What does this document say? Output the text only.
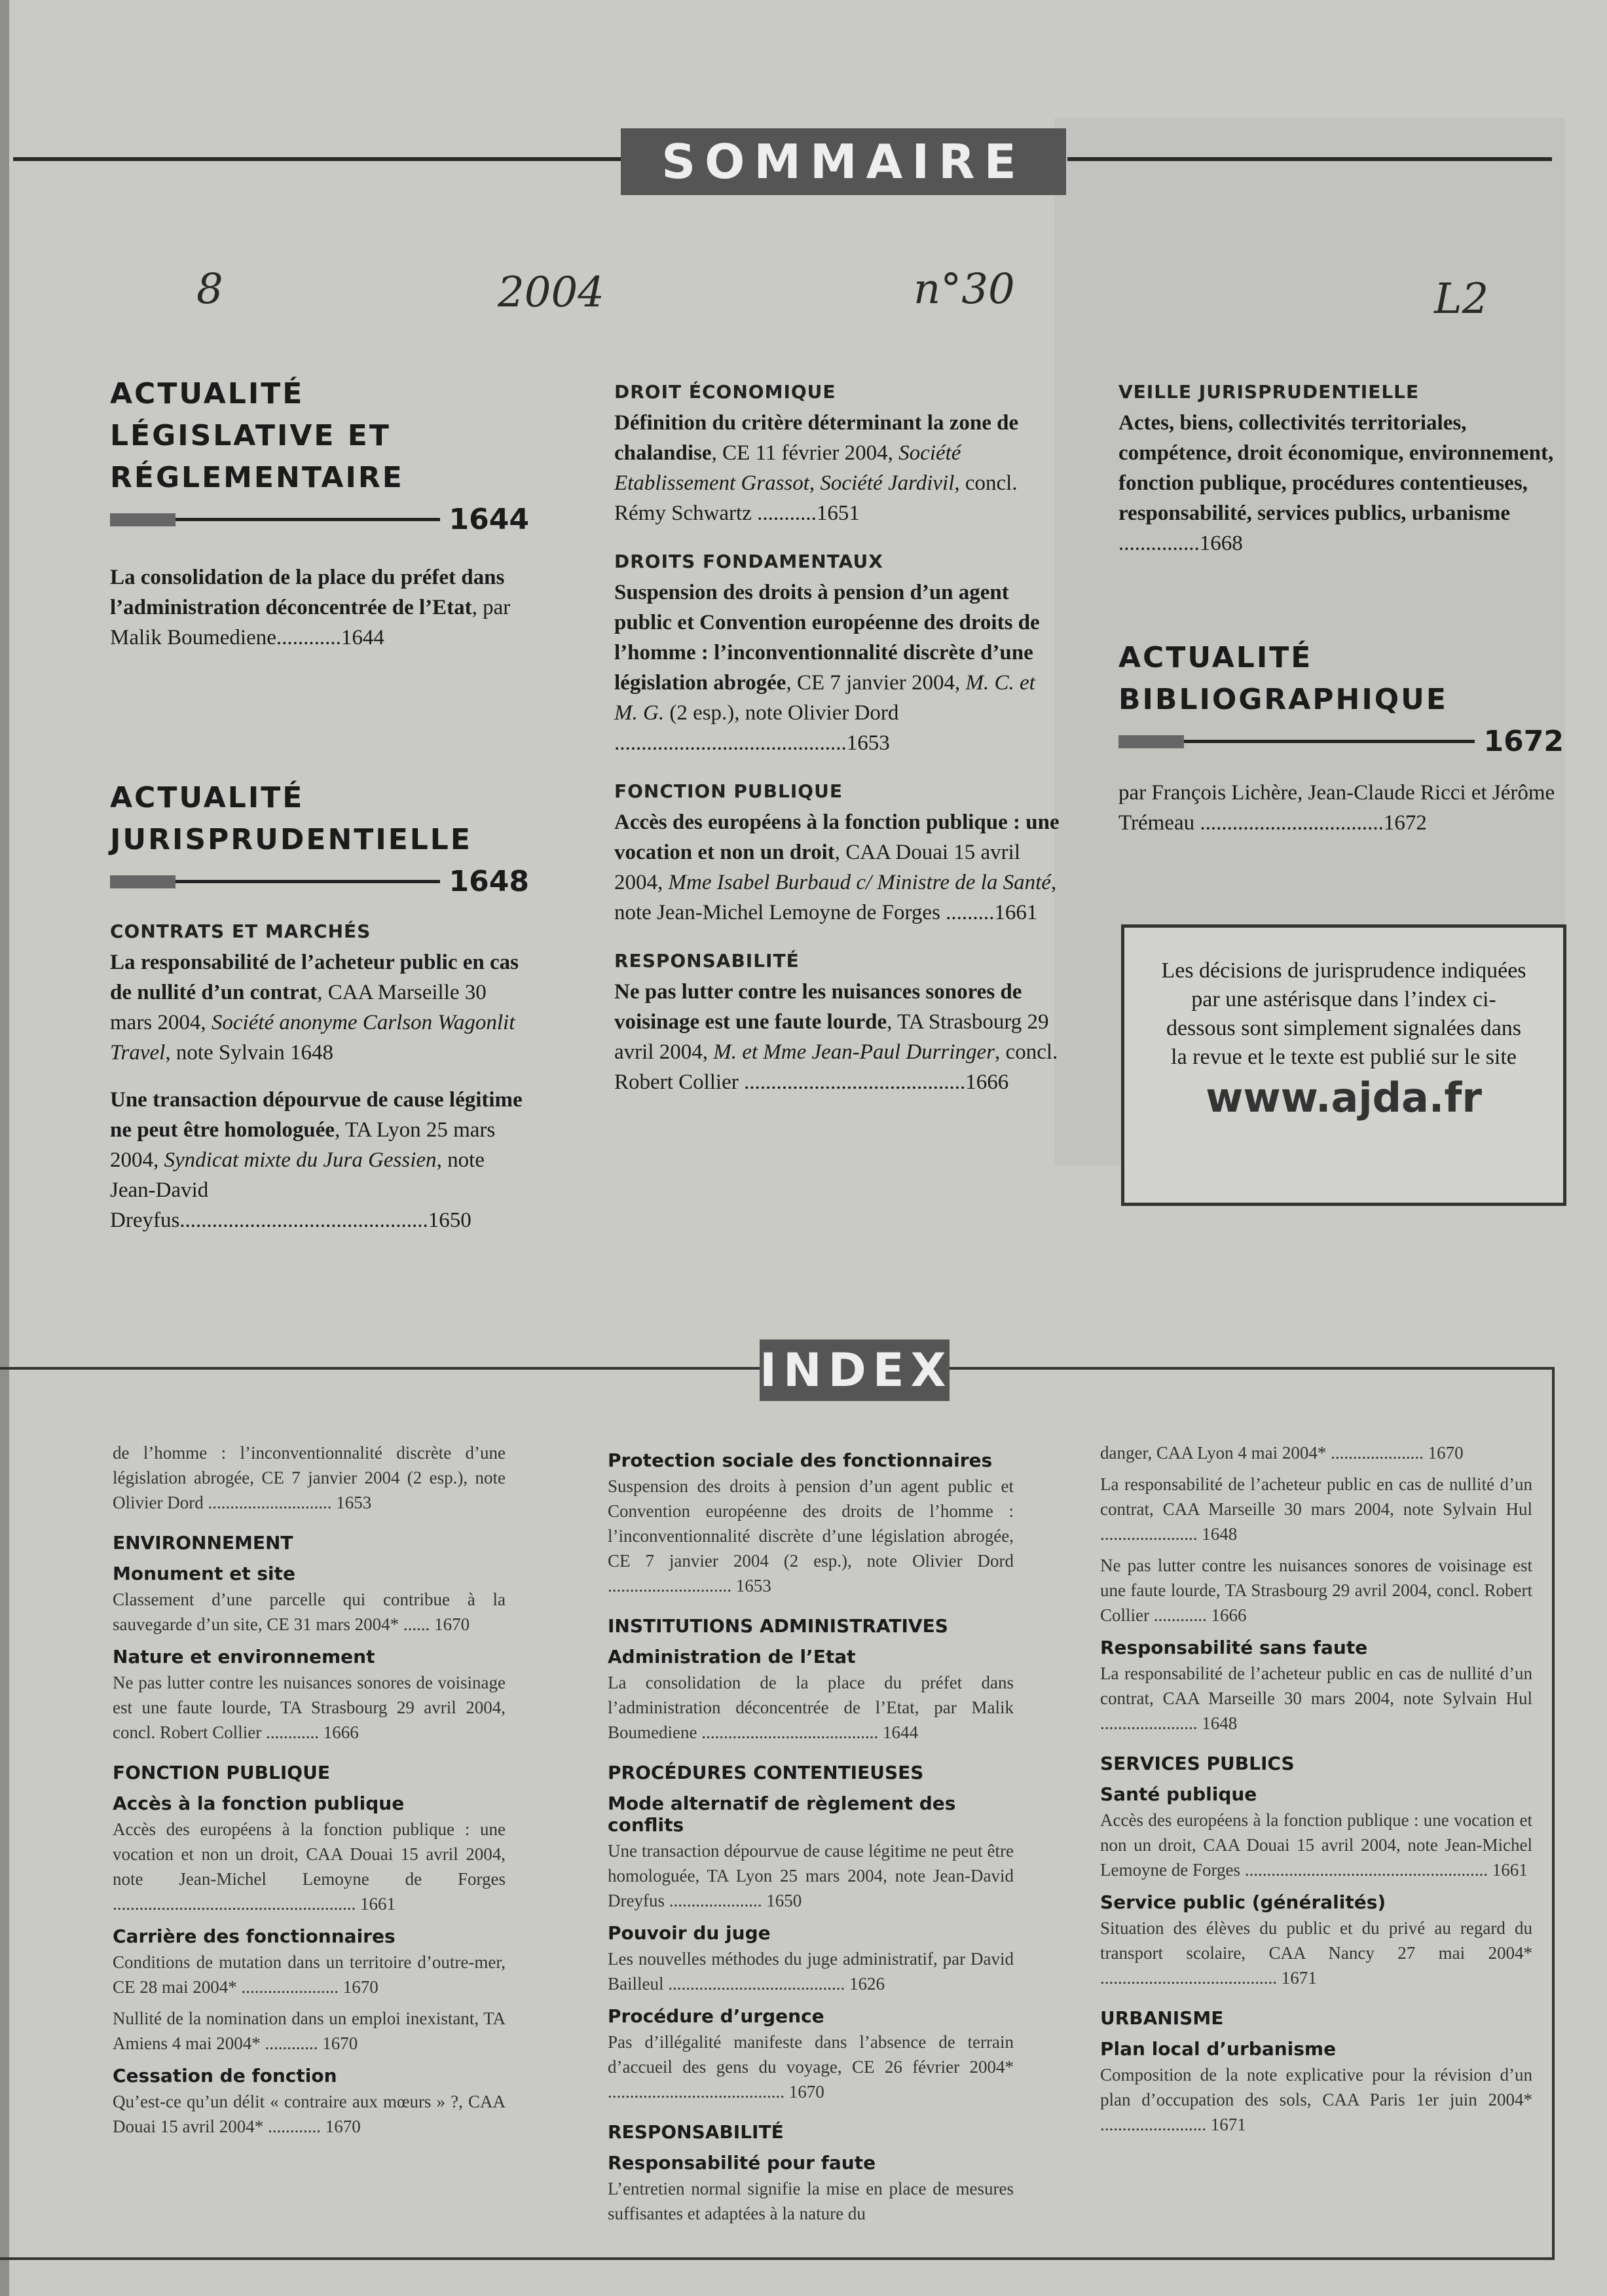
SOMMAIRE
8	2004	n°30	L2
ACTUALITÉ LÉGISLATIVE ET RÉGLEMENTAIRE
1644

La consolidation de la place du préfet dans l’administration déconcentrée de l’Etat, par Malik Boumediene............1644

ACTUALITÉ JURISPRUDENTIELLE
1648
CONTRATS ET MARCHÉS

La responsabilité de l’acheteur public en cas de nullité d’un contrat, CAA Marseille 30 mars 2004, Société anonyme Carlson Wagonlit Travel, note Sylvain 1648

Une transaction dépourvue de cause légitime ne peut être homologuée, TA Lyon 25 mars 2004, Syndicat mixte du Jura Gessien, note Jean-David Dreyfus..............................................1650

DROIT ÉCONOMIQUE

Définition du critère déterminant la zone de chalandise, CE 11 février 2004, Société Etablissement Grassot, Société Jardivil, concl. Rémy Schwartz ...........1651

DROITS FONDAMENTAUX

Suspension des droits à pension d’un agent public et Convention européenne des droits de l’homme : l’inconventionnalité discrète d’une législation abrogée, CE 7 janvier 2004, M. C. et M. G. (2 esp.), note Olivier Dord ...........................................1653

FONCTION PUBLIQUE

Accès des européens à la fonction publique : une vocation et non un droit, CAA Douai 15 avril 2004, Mme Isabel Burbaud c/ Ministre de la Santé, note Jean-Michel Lemoyne de Forges .........1661

RESPONSABILITÉ

Ne pas lutter contre les nuisances sonores de voisinage est une faute lourde, TA Strasbourg 29 avril 2004, M. et Mme Jean-Paul Durringer, concl. Robert Collier .........................................1666

VEILLE JURISPRUDENTIELLE

Actes, biens, collectivités territoriales, compétence, droit économique, environnement, fonction publique, procédures contentieuses, responsabilité, services publics, urbanisme ...............1668

ACTUALITÉ BIBLIOGRAPHIQUE
1672

par François Lichère, Jean-Claude Ricci et Jérôme Trémeau ..................................1672

Les décisions de jurisprudence indiquées par une astérisque dans l’index ci-dessous sont simplement signalées dans la revue et le texte est publié sur le site
www.ajda.fr
INDEX
de l’homme : l’inconventionnalité discrète d’une législation abrogée, CE 7 janvier 2004 (2 esp.), note Olivier Dord ............................ 1653
ENVIRONNEMENT
Monument et site
Classement d’une parcelle qui contribue à la sauvegarde d’un site, CE 31 mars 2004* ...... 1670
Nature et environnement
Ne pas lutter contre les nuisances sonores de voisinage est une faute lourde, TA Strasbourg 29 avril 2004, concl. Robert Collier ............ 1666
FONCTION PUBLIQUE
Accès à la fonction publique
Accès des européens à la fonction publique : une vocation et non un droit, CAA Douai 15 avril 2004, note Jean-Michel Lemoyne de Forges ....................................................... 1661
Carrière des fonctionnaires
Conditions de mutation dans un territoire d’outre-mer, CE 28 mai 2004* ...................... 1670
Nullité de la nomination dans un emploi inexistant, TA Amiens 4 mai 2004* ............ 1670
Cessation de fonction
Qu’est-ce qu’un délit « contraire aux mœurs » ?, CAA Douai 15 avril 2004* ............ 1670
Protection sociale des fonctionnaires
Suspension des droits à pension d’un agent public et Convention européenne des droits de l’homme : l’inconventionnalité discrète d’une législation abrogée, CE 7 janvier 2004 (2 esp.), note Olivier Dord ............................ 1653
INSTITUTIONS ADMINISTRATIVES
Administration de l’Etat
La consolidation de la place du préfet dans l’administration déconcentrée de l’Etat, par Malik Boumediene ........................................ 1644
PROCÉDURES CONTENTIEUSES
Mode alternatif de règlement des conflits
Une transaction dépourvue de cause légitime ne peut être homologuée, TA Lyon 25 mars 2004, note Jean-David Dreyfus ..................... 1650
Pouvoir du juge
Les nouvelles méthodes du juge administratif, par David Bailleul ........................................ 1626
Procédure d’urgence
Pas d’illégalité manifeste dans l’absence de terrain d’accueil des gens du voyage, CE 26 février 2004* ........................................ 1670
RESPONSABILITÉ
Responsabilité pour faute
L’entretien normal signifie la mise en place de mesures suffisantes et adaptées à la nature du
danger, CAA Lyon 4 mai 2004* ..................... 1670
La responsabilité de l’acheteur public en cas de nullité d’un contrat, CAA Marseille 30 mars 2004, note Sylvain Hul ...................... 1648
Ne pas lutter contre les nuisances sonores de voisinage est une faute lourde, TA Strasbourg 29 avril 2004, concl. Robert Collier ............ 1666
Responsabilité sans faute
La responsabilité de l’acheteur public en cas de nullité d’un contrat, CAA Marseille 30 mars 2004, note Sylvain Hul ...................... 1648
SERVICES PUBLICS
Santé publique
Accès des européens à la fonction publique : une vocation et non un droit, CAA Douai 15 avril 2004, note Jean-Michel Lemoyne de Forges ....................................................... 1661
Service public (généralités)
Situation des élèves du public et du privé au regard du transport scolaire, CAA Nancy 27 mai 2004* ........................................ 1671
URBANISME
Plan local d’urbanisme
Composition de la note explicative pour la révision d’un plan d’occupation des sols, CAA Paris 1er juin 2004* ........................ 1671
